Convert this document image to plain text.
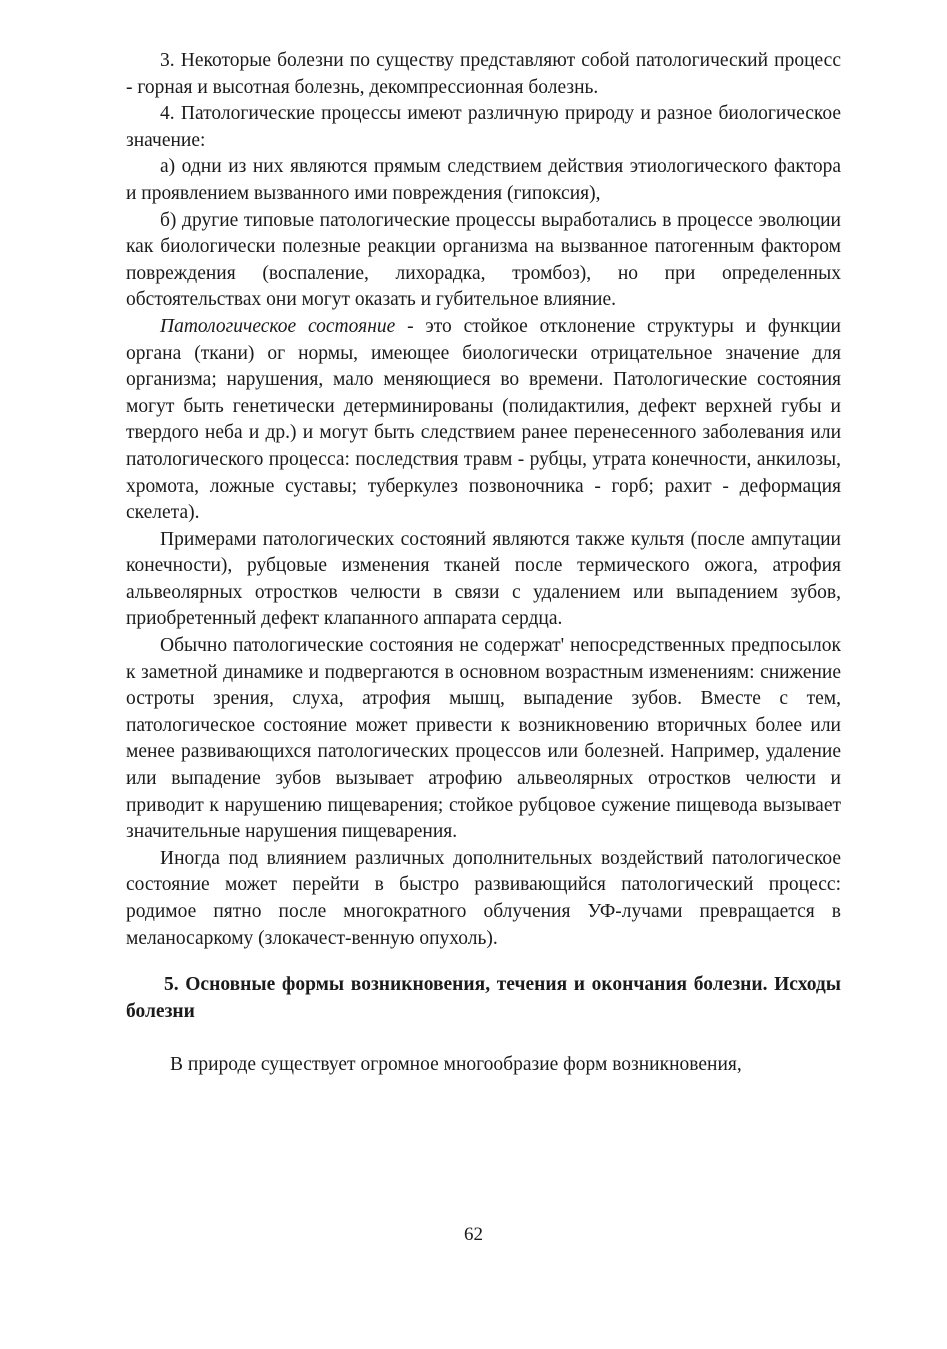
3. Некоторые болезни по существу представляют собой патологический процесс - горная и высотная болезнь, декомпрессионная болезнь.

4. Патологические процессы имеют различную природу и разное биологическое значение:

а) одни из них являются прямым следствием действия этиологического фактора и проявлением вызванного ими повреждения (гипоксия),

б) другие типовые патологические процессы выработались в процессе эволюции как биологически полезные реакции организма на вызванное патогенным фактором повреждения (воспаление, лихорадка, тромбоз), но при определенных обстоятельствах они могут оказать и губительное влияние.

Патологическое состояние - это стойкое отклонение структуры и функции органа (ткани) ог нормы, имеющее биологически отрицательное значение для организма; нарушения, мало меняющиеся во времени. Патологические состояния могут быть генетически детерминированы (полидактилия, дефект верхней губы и твердого неба и др.) и могут быть следствием ранее перенесенного заболевания или патологического процесса: последствия травм - рубцы, утрата конечности, анкилозы, хромота, ложные суставы; туберкулез позвоночника - горб; рахит - деформация скелета).

Примерами патологических состояний являются также культя (после ампутации конечности), рубцовые изменения тканей после термического ожога, атрофия альвеолярных отростков челюсти в связи с удалением или выпадением зубов, приобретенный дефект клапанного аппарата сердца.

Обычно патологические состояния не содержат' непосредственных предпосылок к заметной динамике и подвергаются в основном возрастным изменениям: снижение остроты зрения, слуха, атрофия мышц, выпадение зубов. Вместе с тем, патологическое состояние может привести к возникновению вторичных более или менее развивающихся патологических процессов или болезней. Например, удаление или выпадение зубов вызывает атрофию альвеолярных отростков челюсти и приводит к нарушению пищеварения; стойкое рубцовое сужение пищевода вызывает значительные нарушения пищеварения.

Иногда под влиянием различных дополнительных воздействий патологическое состояние может перейти в быстро развивающийся патологический процесс: родимое пятно после многократного облучения УФ-лучами превращается в меланосаркому (злокачест-венную опухоль).

5. Основные формы возникновения, течения и окончания болезни. Исходы болезни

В природе существует огромное многообразие форм возникновения,

62
